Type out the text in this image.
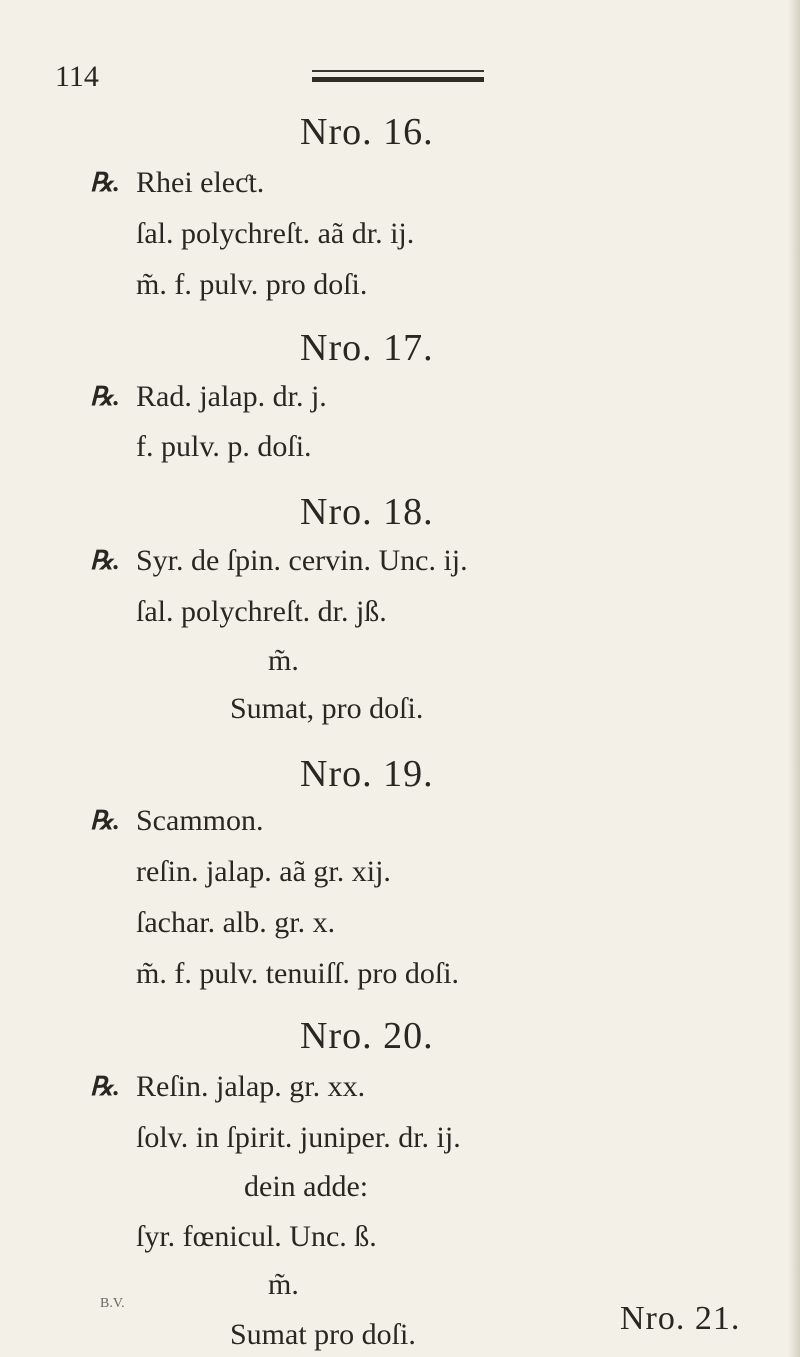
114
Nro. 16.
℞. Rhei eleƈt.
ſal. polychreſt. aã dr. ij.
m̃. f. pulv. pro doſi.
Nro. 17.
℞. Rad. jalap. dr. j.
f. pulv. p. doſi.
Nro. 18.
℞. Syr. de ſpin. cervin. Unc. ij.
ſal. polychreſt. dr. jß.
m̃.
Sumat, pro doſi.
Nro. 19.
℞. Scammon.
reſin. jalap. aã gr. xij.
ſachar. alb. gr. x.
m̃. f. pulv. tenuiſſ. pro doſi.
Nro. 20.
℞. Reſin. jalap. gr. xx.
ſolv. in ſpirit. juniper. dr. ij.
dein adde:
ſyr. fœnicul. Unc. ß.
m̃.
Sumat pro doſi.	Nro. 21.
B.V.
